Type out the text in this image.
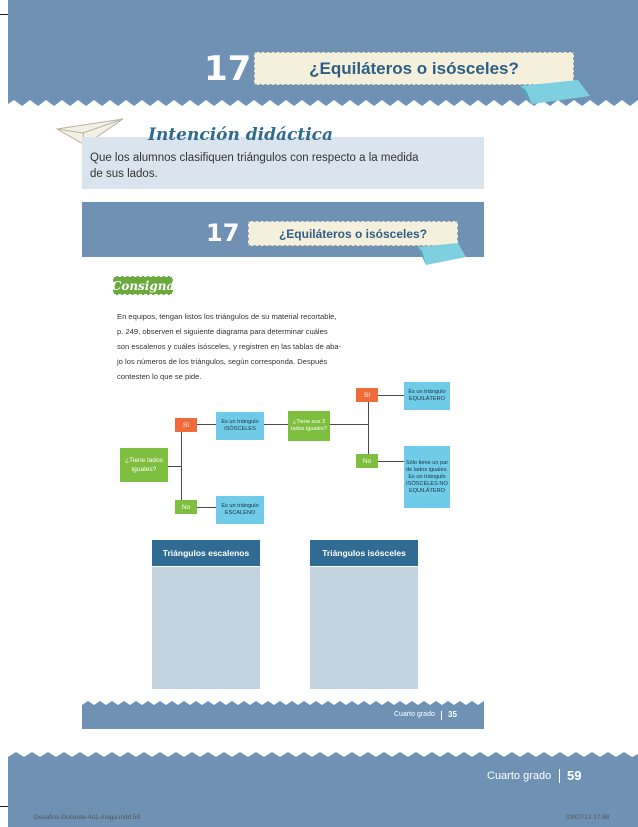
17	¿Equiláteros o isósceles?
Intención didáctica
Que los alumnos clasifiquen triángulos con respecto a la medida
de sus lados.
17	¿Equiláteros o isósceles?
Consigna
En equipos, tengan listos los triángulos de su material recortable,
p. 249, observen el siguiente diagrama para determinar cuáles
son escalenos y cuáles isósceles, y registren en las tablas de aba-
jo los números de los triángulos, según corresponda. Después
contesten lo que se pide.
¿Tiene lados iguales?
Sí
No
Es un triángulo ISÓSCELES
Es un triángulo ESCALENO
¿Tiene sus 3 lados iguales?
Sí
No
Es un triángulo EQUILÁTERO
Sólo tiene un par de lados iguales. Es un triángulo ISÓSCELES NO EQUILÁTERO
Triángulos escalenos	Triángulos isósceles
Cuarto grado 35
Cuarto grado 59
Desafios-Docente-4o1-maga.indd 59	03/07/13 17:48
